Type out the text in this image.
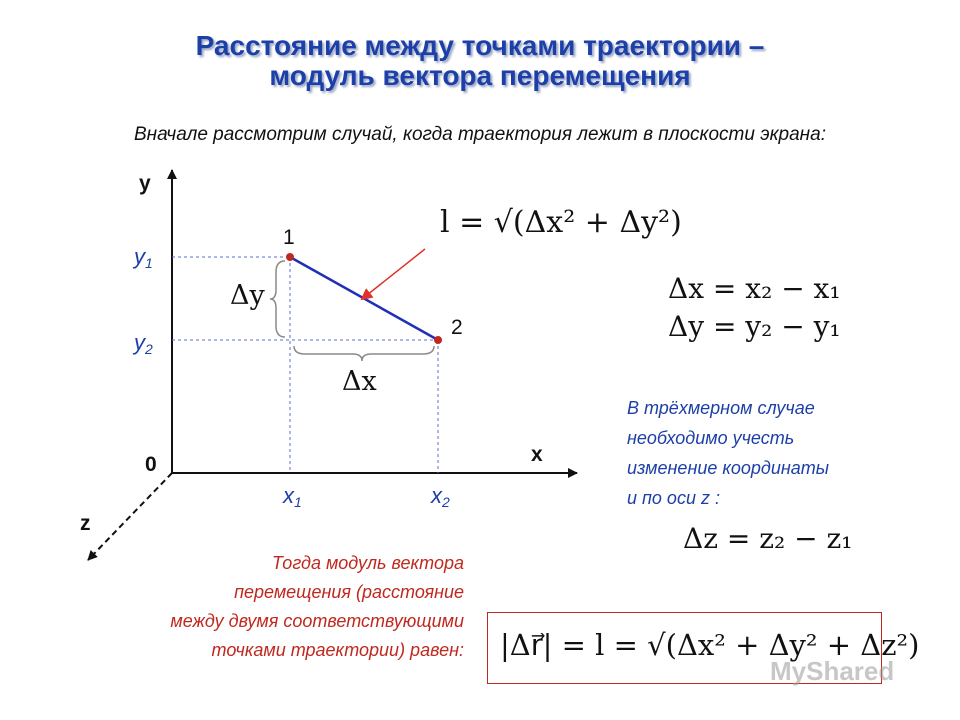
Расстояние между точками траектории –
модуль вектора перемещения
Вначале рассмотрим случай, когда траектория лежит в плоскости экрана:
y
x
z
0
1
2
$y_1$
$y_2$
$x_1$	$x_2$
Δy
Δx
l = √(Δx² + Δy²)
Δx = x₂ − x₁
Δy = y₂ − y₁
В трёхмерном случае
необходимо учесть
изменение координаты
и по оси z :
Δz = z₂ − z₁
Тогда модуль вектора
перемещения (расстояние
между двумя соответствующими
точками траектории) равен: |Δr⃗| = l = √(Δx² + Δy² + Δz²)
MyShared
